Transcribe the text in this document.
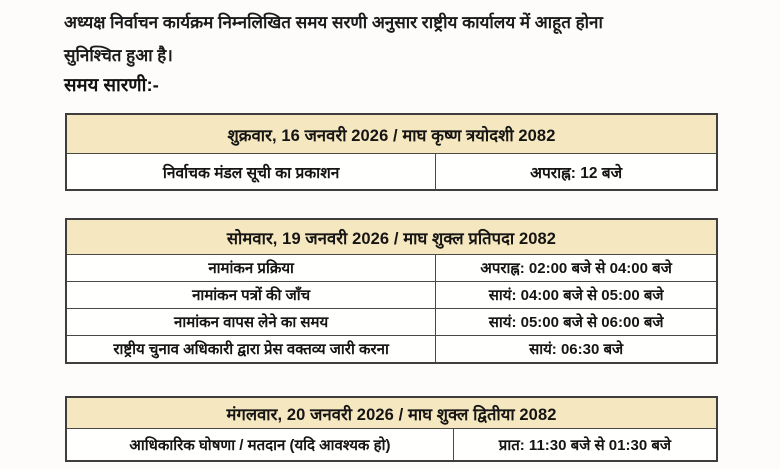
अध्यक्ष निर्वाचन कार्यक्रम निम्नलिखित समय सरणी अनुसार राष्ट्रीय कार्यालय में आहूत होना
सुनिश्चित हुआ है।
समय सारणी:-
शुक्रवार, 16 जनवरी 2026 / माघ कृष्ण त्रयोदशी 2082
निर्वाचक मंडल सूची का प्रकाशन	अपराह्न: 12 बजे
सोमवार, 19 जनवरी 2026 / माघ शुक्ल प्रतिपदा 2082	
नामांकन प्रक्रिया	अपराह्न: 02:00 बजे से 04:00 बजे
नामांकन पत्रों की जाँच	सायं: 04:00 बजे से 05:00 बजे
नामांकन वापस लेने का समय	सायं: 05:00 बजे से 06:00 बजे
राष्ट्रीय चुनाव अधिकारी द्वारा प्रेस वक्तव्य जारी करना	सायं: 06:30 बजे
मंगलवार, 20 जनवरी 2026 / माघ शुक्ल द्वितीया 2082
आधिकारिक घोषणा / मतदान (यदि आवश्यक हो)	प्रात: 11:30 बजे से 01:30 बजे
